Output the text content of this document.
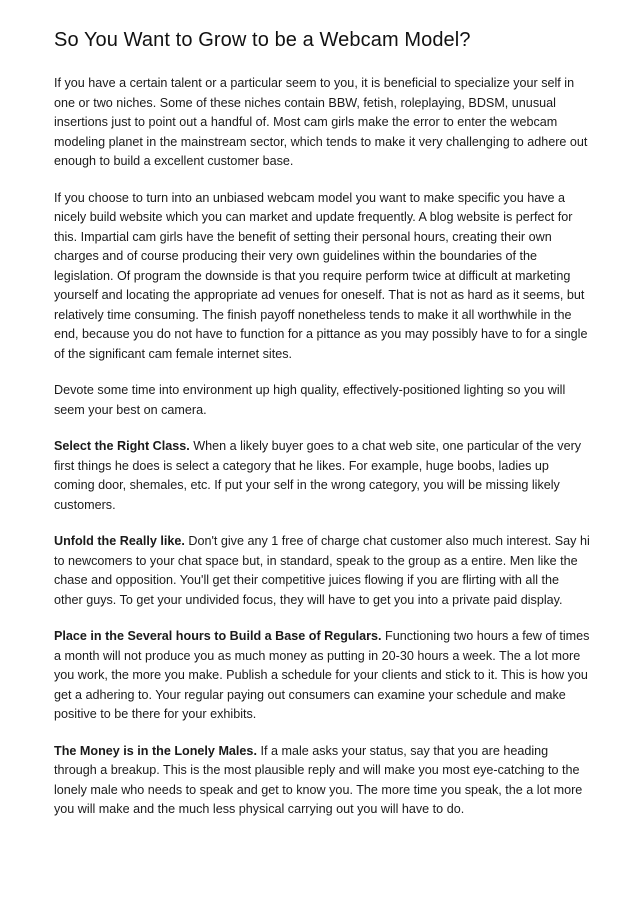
So You Want to Grow to be a Webcam Model?

If you have a certain talent or a particular seem to you, it is beneficial to specialize your self in one or two niches. Some of these niches contain BBW, fetish, roleplaying, BDSM, unusual insertions just to point out a handful of. Most cam girls make the error to enter the webcam modeling planet in the mainstream sector, which tends to make it very challenging to adhere out enough to build a excellent customer base.

If you choose to turn into an unbiased webcam model you want to make specific you have a nicely build website which you can market and update frequently. A blog website is perfect for this. Impartial cam girls have the benefit of setting their personal hours, creating their own charges and of course producing their very own guidelines within the boundaries of the legislation. Of program the downside is that you require perform twice at difficult at marketing yourself and locating the appropriate ad venues for oneself. That is not as hard as it seems, but relatively time consuming. The finish payoff nonetheless tends to make it all worthwhile in the end, because you do not have to function for a pittance as you may possibly have to for a single of the significant cam female internet sites.

Devote some time into environment up high quality, effectively-positioned lighting so you will seem your best on camera.

Select the Right Class. When a likely buyer goes to a chat web site, one particular of the very first things he does is select a category that he likes. For example, huge boobs, ladies up coming door, shemales, etc. If put your self in the wrong category, you will be missing likely customers.

Unfold the Really like. Don't give any 1 free of charge chat customer also much interest. Say hi to newcomers to your chat space but, in standard, speak to the group as a entire. Men like the chase and opposition. You'll get their competitive juices flowing if you are flirting with all the other guys. To get your undivided focus, they will have to get you into a private paid display.

Place in the Several hours to Build a Base of Regulars. Functioning two hours a few of times a month will not produce you as much money as putting in 20-30 hours a week. The a lot more you work, the more you make. Publish a schedule for your clients and stick to it. This is how you get a adhering to. Your regular paying out consumers can examine your schedule and make positive to be there for your exhibits.

The Money is in the Lonely Males. If a male asks your status, say that you are heading through a breakup. This is the most plausible reply and will make you most eye-catching to the lonely male who needs to speak and get to know you. The more time you speak, the a lot more you will make and the much less physical carrying out you will have to do.
